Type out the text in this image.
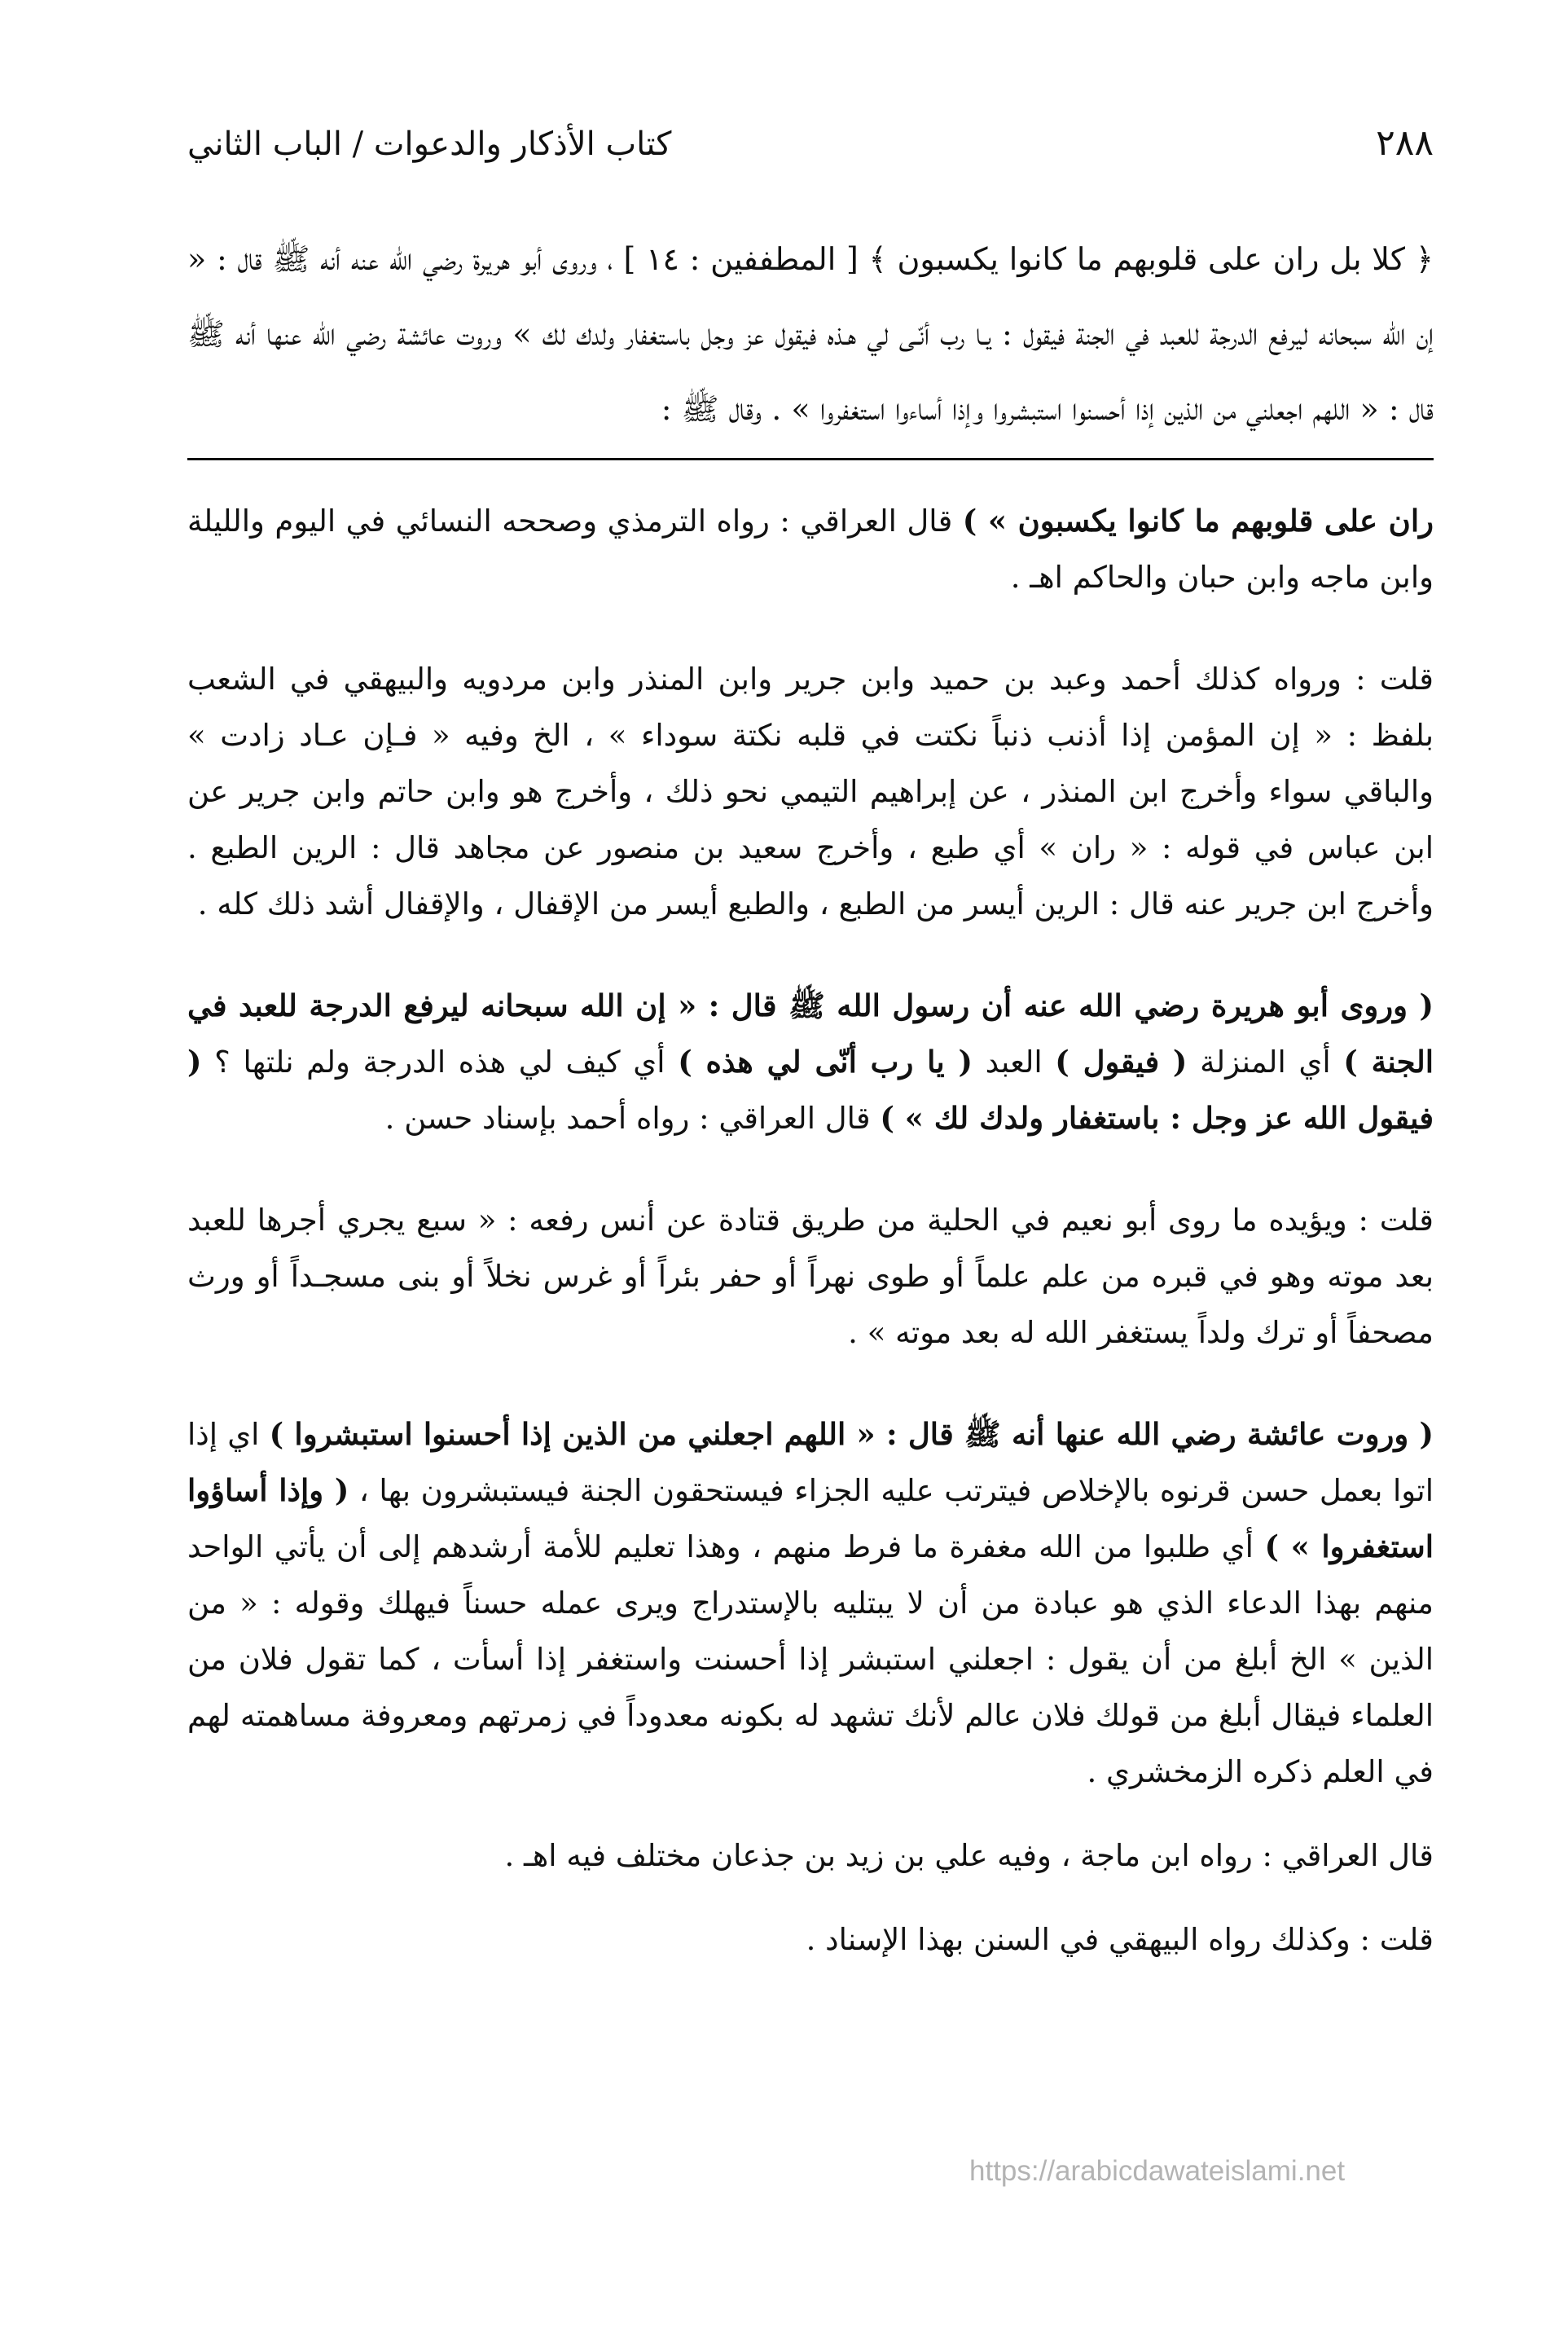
٢٨٨
كتاب الأذكار والدعوات / الباب الثاني

﴿ كلا بل ران على قلوبهم ما كانوا يكسبون ﴾ [ المطففين : ١٤ ] ، وروى أبو هريرة رضي الله عنه أنه ﷺ قال : « إن الله سبحانه ليرفع الدرجة للعبد في الجنة فيقول : يـا رب أنّـى لي هـذه فيقول عز وجل باستغفار ولدك لك » وروت عائشة رضي الله عنها أنه ﷺ قال : « اللهم اجعلني من الذين إذا أحسنوا استبشروا وإذا أساءوا استغفروا » . وقال ﷺ :

ران على قلوبهم ما كانوا يكسبون » ) قال العراقي : رواه الترمذي وصححه النسائي في اليوم والليلة وابن ماجه وابن حبان والحاكم اهـ .

قلت : ورواه كذلك أحمد وعبد بن حميد وابن جرير وابن المنذر وابن مردويه والبيهقي في الشعب بلفظ : « إن المؤمن إذا أذنب ذنباً نكتت في قلبه نكتة سوداء » ، الخ وفيه « فـإن عـاد زادت » والباقي سواء وأخرج ابن المنذر ، عن إبراهيم التيمي نحو ذلك ، وأخرج هو وابن حاتم وابن جرير عن ابن عباس في قوله : « ران » أي طبع ، وأخرج سعيد بن منصور عن مجاهد قال : الرين الطبع . وأخرج ابن جرير عنه قال : الرين أيسر من الطبع ، والطبع أيسر من الإقفال ، والإقفال أشد ذلك كله .

( وروى أبو هريرة رضي الله عنه أن رسول الله ﷺ قال : « إن الله سبحانه ليرفع الدرجة للعبد في الجنة ) أي المنزلة ( فيقول ) العبد ( يا رب أنّى لي هذه ) أي كيف لي هذه الدرجة ولم نلتها ؟ ( فيقول الله عز وجل : باستغفار ولدك لك » ) قال العراقي : رواه أحمد بإسناد حسن .

قلت : ويؤيده ما روى أبو نعيم في الحلية من طريق قتادة عن أنس رفعه : « سبع يجري أجرها للعبد بعد موته وهو في قبره من علم علماً أو طوى نهراً أو حفر بئراً أو غرس نخلاً أو بنى مسجـداً أو ورث مصحفاً أو ترك ولداً يستغفر الله له بعد موته » .

( وروت عائشة رضي الله عنها أنه ﷺ قال : « اللهم اجعلني من الذين إذا أحسنوا استبشروا ) اي إذا اتوا بعمل حسن قرنوه بالإخلاص فيترتب عليه الجزاء فيستحقون الجنة فيستبشرون بها ، ( وإذا أساؤوا استغفروا » ) أي طلبوا من الله مغفرة ما فرط منهم ، وهذا تعليم للأمة أرشدهم إلى أن يأتي الواحد منهم بهذا الدعاء الذي هو عبادة من أن لا يبتليه بالإستدراج ويرى عمله حسناً فيهلك وقوله : « من الذين » الخ أبلغ من أن يقول : اجعلني استبشر إذا أحسنت واستغفر إذا أسأت ، كما تقول فلان من العلماء فيقال أبلغ من قولك فلان عالم لأنك تشهد له بكونه معدوداً في زمرتهم ومعروفة مساهمته لهم في العلم ذكره الزمخشري .

قال العراقي : رواه ابن ماجة ، وفيه علي بن زيد بن جذعان مختلف فيه اهـ .

قلت : وكذلك رواه البيهقي في السنن بهذا الإسناد .

https://arabicdawateislami.net
